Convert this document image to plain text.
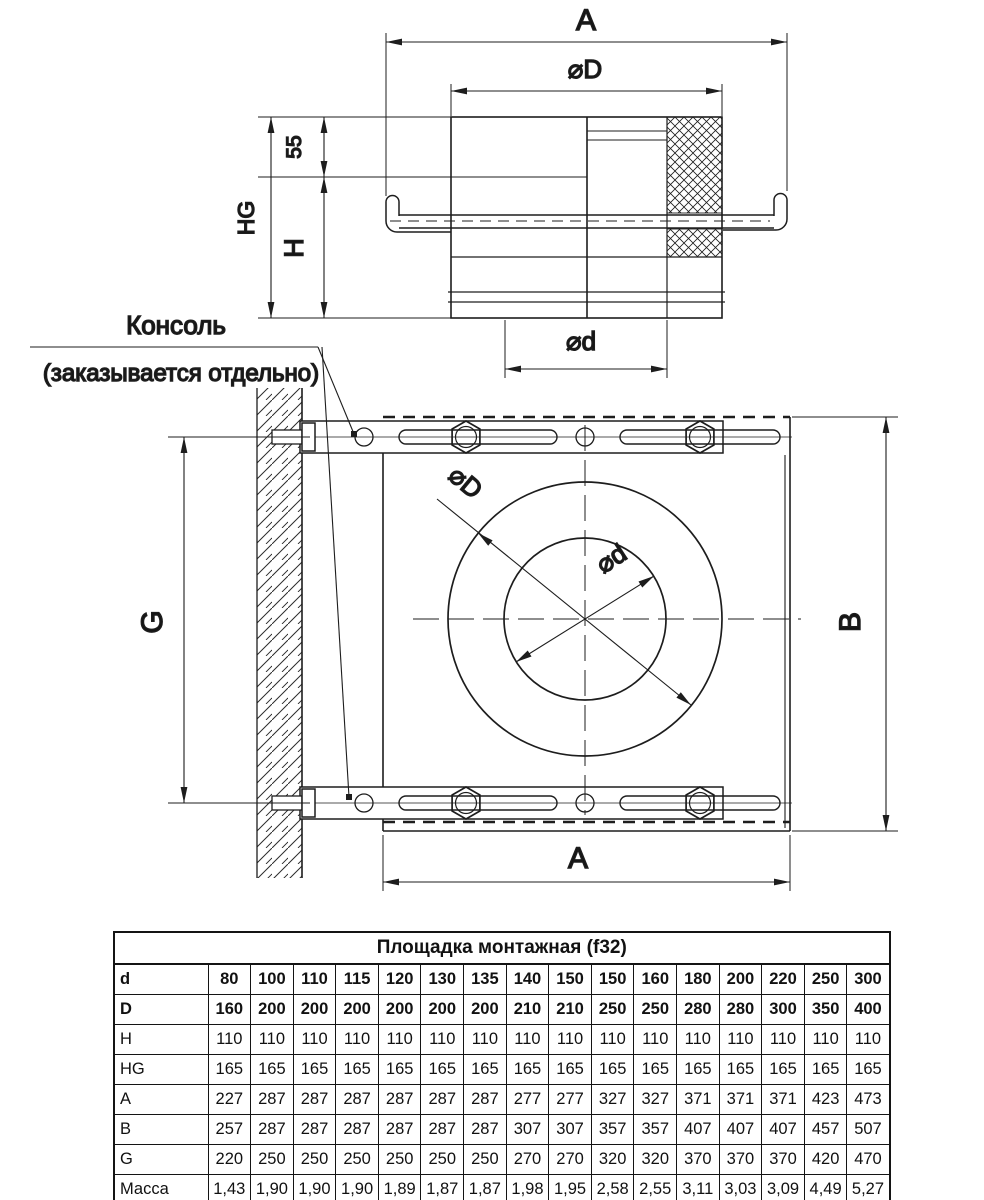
A
⌀D
HG
55
H
⌀d
⌀D
⌀d
G	B
A
Консоль
(заказывается отдельно)
Площадка монтажная (f32)																
d	80	100	110	115	120	130	135	140	150	150	160	180	200	220	250	300
D	160	200	200	200	200	200	200	210	210	250	250	280	280	300	350	400
H	110	110	110	110	110	110	110	110	110	110	110	110	110	110	110	110
HG	165	165	165	165	165	165	165	165	165	165	165	165	165	165	165	165
A	227	287	287	287	287	287	287	277	277	327	327	371	371	371	423	473
B	257	287	287	287	287	287	287	307	307	357	357	407	407	407	457	507
G	220	250	250	250	250	250	250	270	270	320	320	370	370	370	420	470
Масса	1,43	1,90	1,90	1,90	1,89	1,87	1,87	1,98	1,95	2,58	2,55	3,11	3,03	3,09	4,49	5,27
